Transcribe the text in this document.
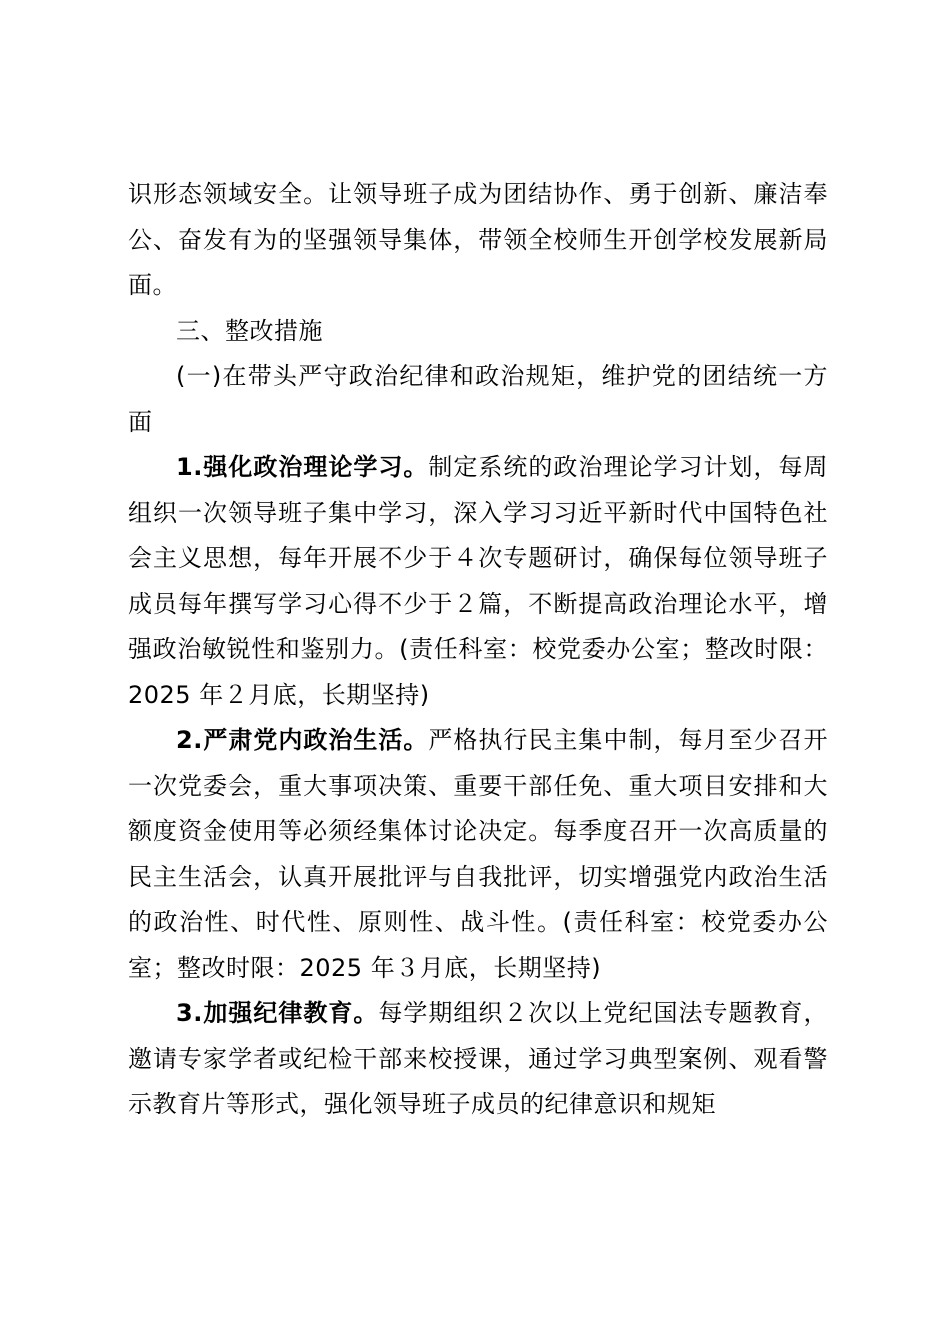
识形态领域安全。让领导班子成为团结协作、勇于创新、廉洁奉公、奋发有为的坚强领导集体，带领全校师生开创学校发展新局面。

三、整改措施

(一)在带头严守政治纪律和政治规矩，维护党的团结统一方面

1.强化政治理论学习。制定系统的政治理论学习计划，每周组织一次领导班子集中学习，深入学习习近平新时代中国特色社会主义思想，每年开展不少于４次专题研讨，确保每位领导班子成员每年撰写学习心得不少于２篇，不断提高政治理论水平，增强政治敏锐性和鉴别力。(责任科室：校党委办公室；整改时限：2025 年２月底，长期坚持)

2.严肃党内政治生活。严格执行民主集中制，每月至少召开一次党委会，重大事项决策、重要干部任免、重大项目安排和大额度资金使用等必须经集体讨论决定。每季度召开一次高质量的民主生活会，认真开展批评与自我批评，切实增强党内政治生活的政治性、时代性、原则性、战斗性。(责任科室：校党委办公室；整改时限：2025 年３月底，长期坚持)

3.加强纪律教育。每学期组织２次以上党纪国法专题教育，邀请专家学者或纪检干部来校授课，通过学习典型案例、观看警示教育片等形式，强化领导班子成员的纪律意识和规矩
